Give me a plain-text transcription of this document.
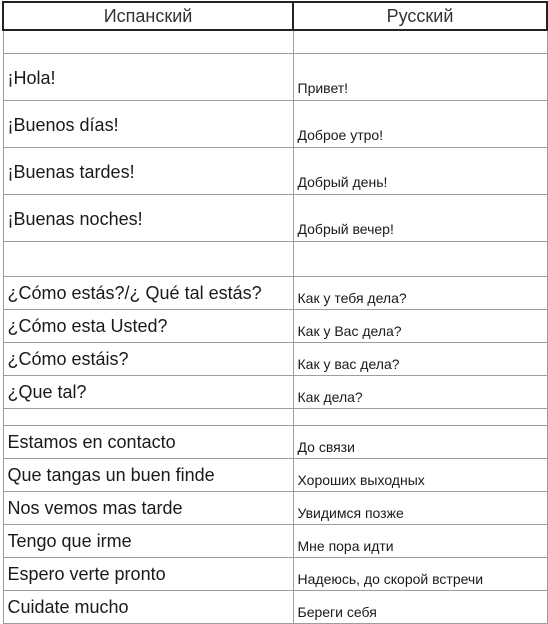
Испанский	Русский

¡Hola!	Привет!
¡Buenos días!	Доброе утро!
¡Buenas tardes!	Добрый день!
¡Buenas noches!	Добрый вечер!

¿Cómo estás?/¿ Qué tal estás?	Как у тебя дела?
¿Cómo esta Usted?	Как у Вас дела?
¿Cómo estáis?	Как у вас дела?
¿Que tal?	Как дела?

Estamos en contacto	До связи
Que tangas un buen finde	Хороших выходных
Nos vemos mas tarde	Увидимся позже
Tengo que irme	Мне пора идти
Espero verte pronto	Надеюсь, до скорой встречи
Cuidate mucho	Береги себя
